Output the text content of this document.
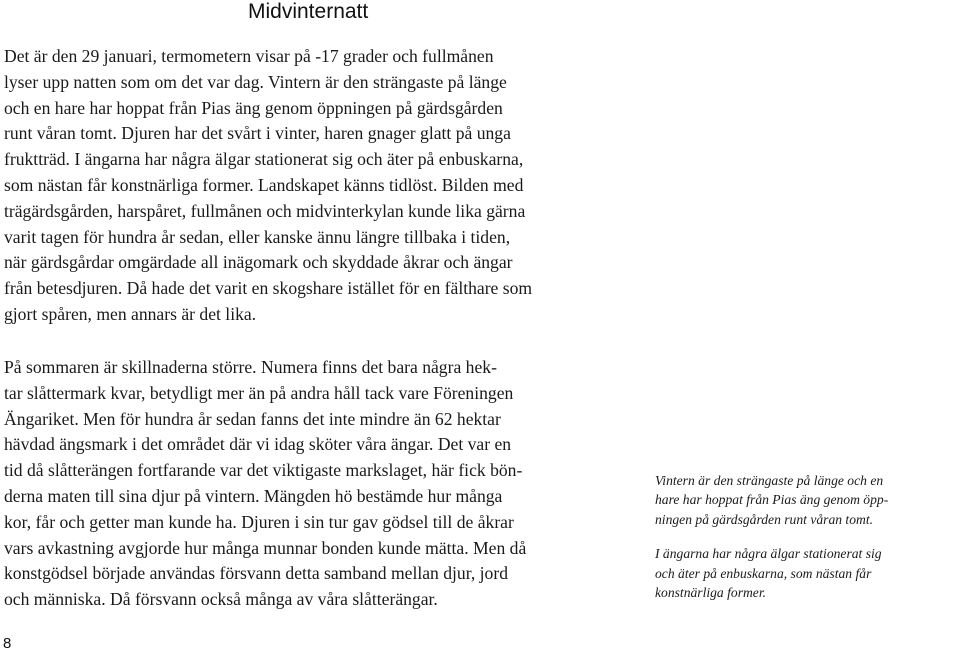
Midvinternatt
Det är den 29 januari, termometern visar på -17 grader och fullmånen
lyser upp natten som om det var dag. Vintern är den strängaste på länge
och en hare har hoppat från Pias äng genom öppningen på gärdsgården
runt våran tomt. Djuren har det svårt i vinter, haren gnager glatt på unga
fruktträd. I ängarna har några älgar stationerat sig och äter på enbuskarna,
som nästan får konstnärliga former. Landskapet känns tidlöst. Bilden med
trägärdsgården, harspåret, fullmånen och midvinterkylan kunde lika gärna
varit tagen för hundra år sedan, eller kanske ännu längre tillbaka i tiden,
när gärdsgårdar omgärdade all inägomark och skyddade åkrar och ängar
från betesdjuren. Då hade det varit en skogshare istället för en fälthare som
gjort spåren, men annars är det lika.
På sommaren är skillnaderna större. Numera finns det bara några hek-
tar slåttermark kvar, betydligt mer än på andra håll tack vare Föreningen
Ängariket. Men för hundra år sedan fanns det inte mindre än 62 hektar
hävdad ängsmark i det området där vi idag sköter våra ängar. Det var en
tid då slåtterängen fortfarande var det viktigaste markslaget, här fick bön-
derna maten till sina djur på vintern. Mängden hö bestämde hur många
kor, får och getter man kunde ha. Djuren i sin tur gav gödsel till de åkrar
vars avkastning avgjorde hur många munnar bonden kunde mätta. Men då
konstgödsel började användas försvann detta samband mellan djur, jord
och människa. Då försvann också många av våra slåtterängar.

Vintern är den strängaste på länge och en
hare har hoppat från Pias äng genom öpp-
ningen på gärdsgården runt våran tomt.

I ängarna har några älgar stationerat sig
och äter på enbuskarna, som nästan får
konstnärliga former.

8
